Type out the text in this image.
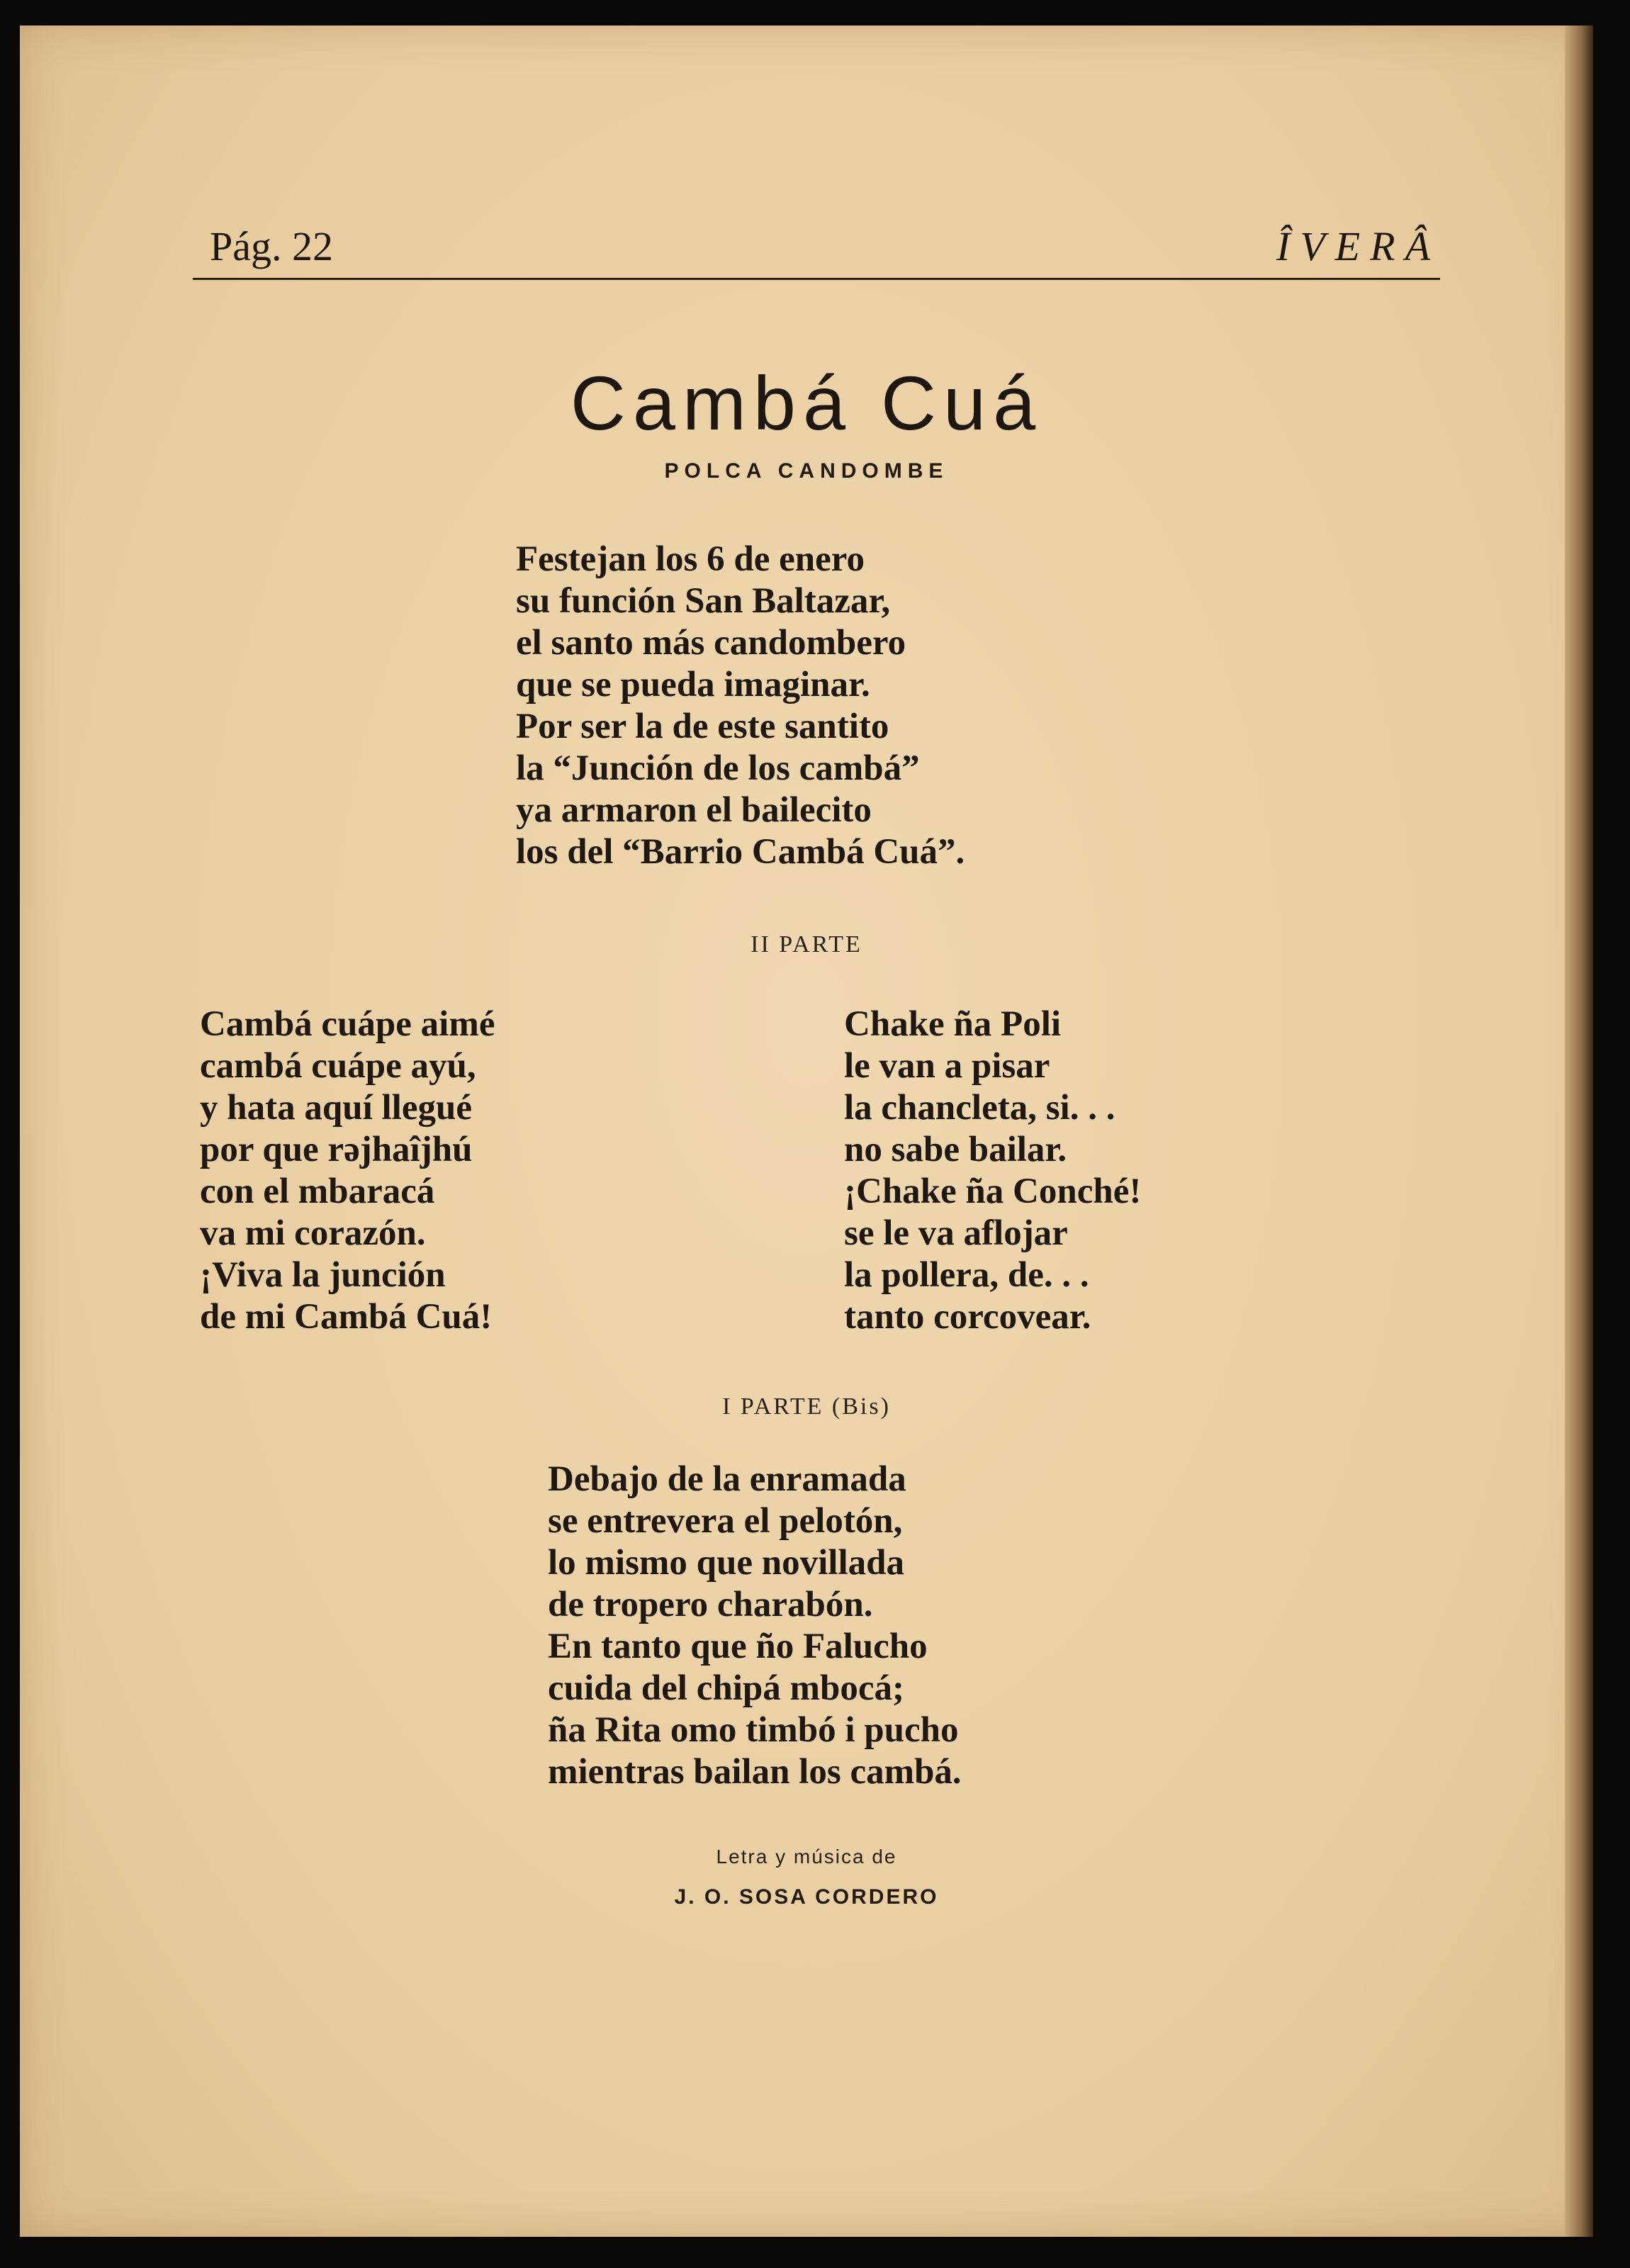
Pág. 22	ÎVERÂ
Cambá Cuá
POLCA CANDOMBE
Festejan los 6 de enero
su función San Baltazar,
el santo más candombero
que se pueda imaginar.
Por ser la de este santito
la “Junción de los cambá”
ya armaron el bailecito
los del “Barrio Cambá Cuá”.
II PARTE
Cambá cuápe aimé
cambá cuápe ayú,
y hata aquí llegué
por que rəjhaîjhú
con el mbaracá
va mi corazón.
¡Viva la junción
de mi Cambá Cuá!
Chake ña Poli
le van a pisar
la chancleta, si. . .
no sabe bailar.
¡Chake ña Conché!
se le va aflojar
la pollera, de. . .
tanto corcovear.
I PARTE (Bis)
Debajo de la enramada
se entrevera el pelotón,
lo mismo que novillada
de tropero charabón.
En tanto que ño Falucho
cuida del chipá mbocá;
ña Rita omo timbó i pucho
mientras bailan los cambá.
Letra y música de
J. O. SOSA CORDERO
